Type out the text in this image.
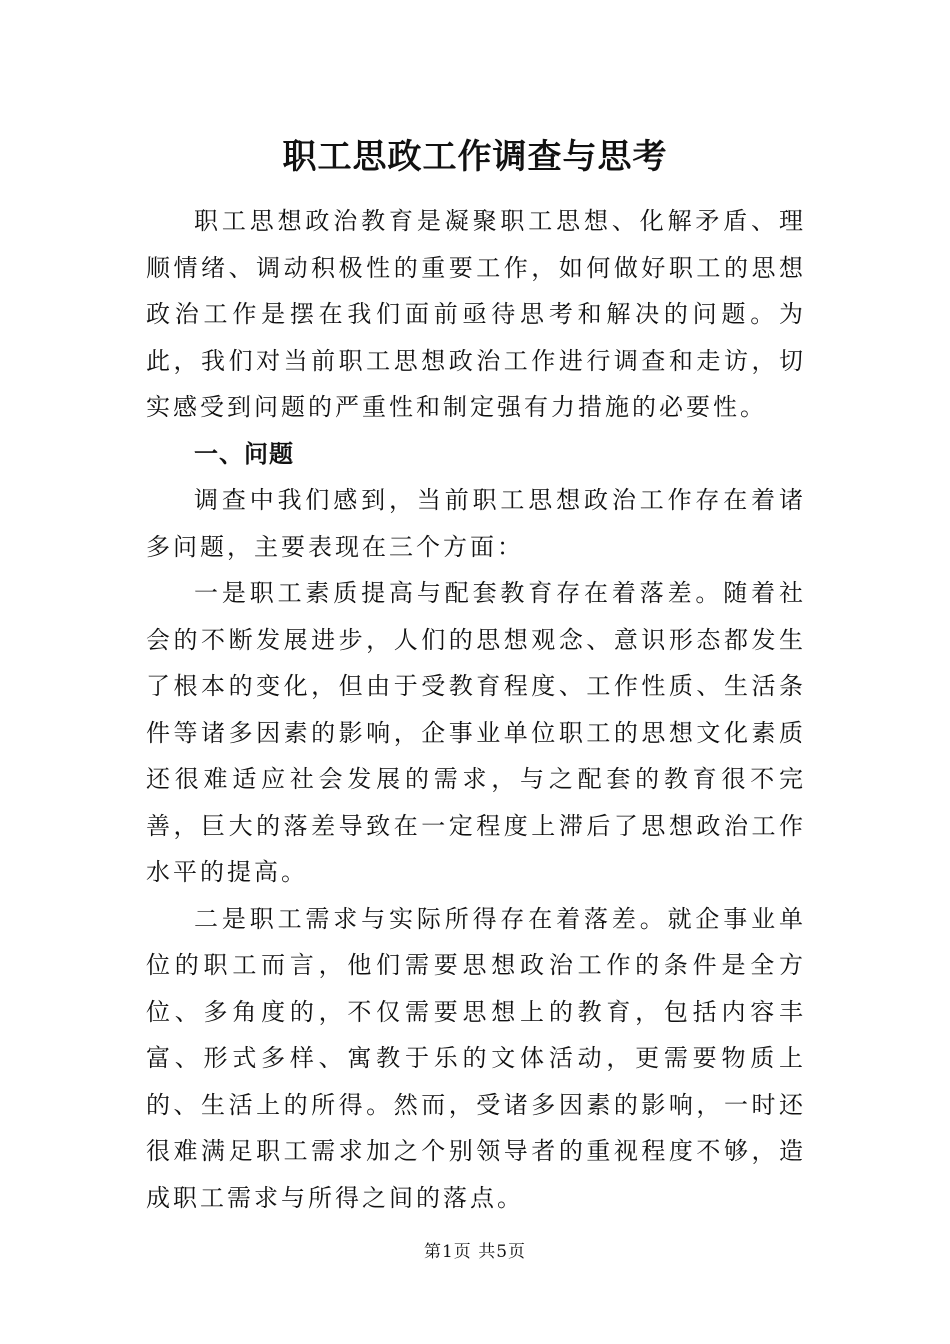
职工思政工作调查与思考

职工思想政治教育是凝聚职工思想、化解矛盾、理顺情绪、调动积极性的重要工作，如何做好职工的思想政治工作是摆在我们面前亟待思考和解决的问题。为此，我们对当前职工思想政治工作进行调查和走访，切实感受到问题的严重性和制定强有力措施的必要性。

一、问题

调查中我们感到，当前职工思想政治工作存在着诸多问题，主要表现在三个方面：

一是职工素质提高与配套教育存在着落差。随着社会的不断发展进步，人们的思想观念、意识形态都发生了根本的变化，但由于受教育程度、工作性质、生活条件等诸多因素的影响，企事业单位职工的思想文化素质还很难适应社会发展的需求，与之配套的教育很不完善，巨大的落差导致在一定程度上滞后了思想政治工作水平的提高。

二是职工需求与实际所得存在着落差。就企事业单位的职工而言，他们需要思想政治工作的条件是全方位、多角度的，不仅需要思想上的教育，包括内容丰富、形式多样、寓教于乐的文体活动，更需要物质上的、生活上的所得。然而，受诸多因素的影响，一时还很难满足职工需求加之个别领导者的重视程度不够，造成职工需求与所得之间的落点。

第1页 共5页
